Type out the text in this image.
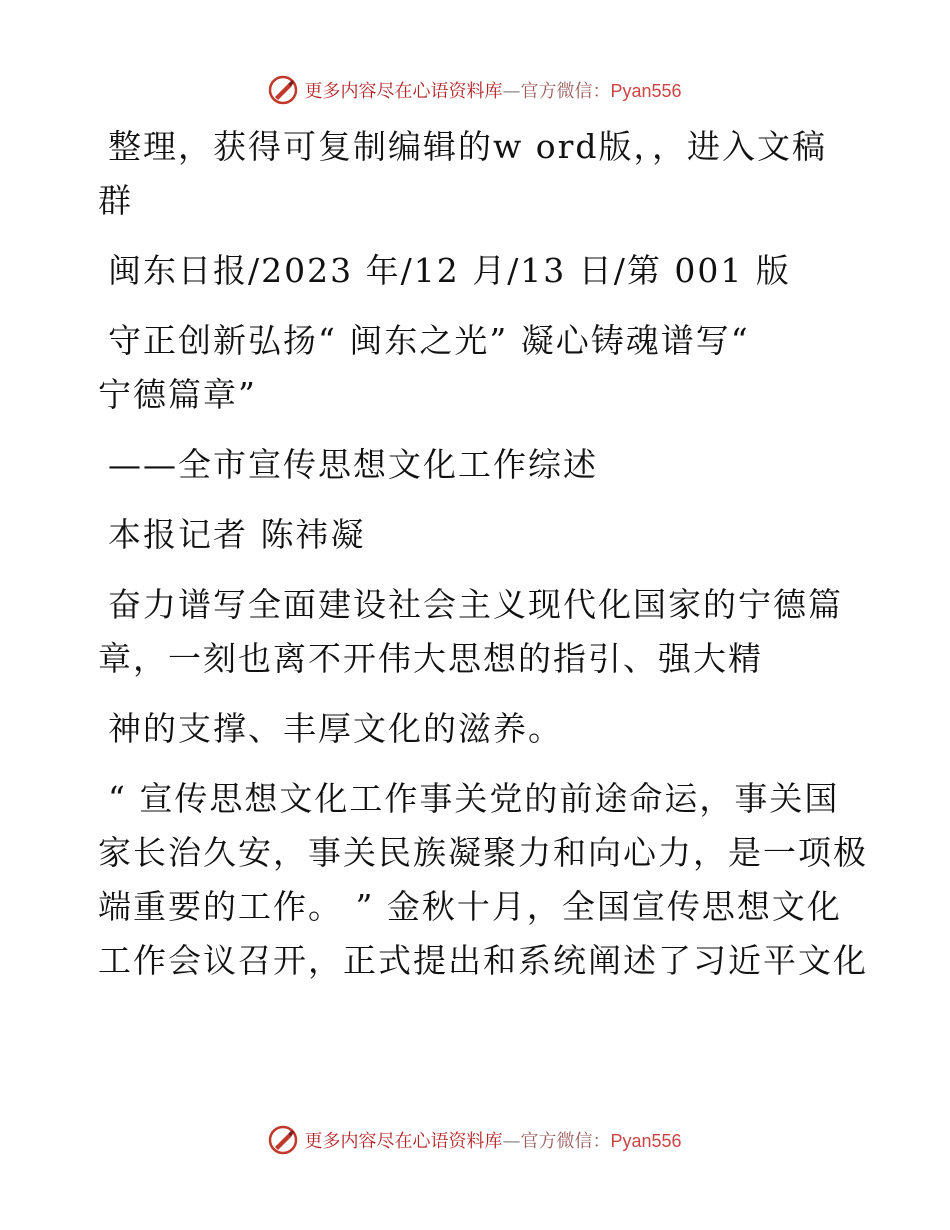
更多内容尽在心语资料库—官方微信：Pyan556
整理，获得可复制编辑的w ord版，，进入文稿
群
闽东日报/2023 年/12 月/13 日/第 001 版
守正创新弘扬“ 闽东之光” 凝心铸魂谱写“
宁德篇章”
——全市宣传思想文化工作综述
本报记者 陈祎凝
奋力谱写全面建设社会主义现代化国家的宁德篇
章，一刻也离不开伟大思想的指引、强大精
神的支撑、丰厚文化的滋养。
“ 宣传思想文化工作事关党的前途命运，事关国
家长治久安，事关民族凝聚力和向心力，是一项极
端重要的工作。 ” 金秋十月，全国宣传思想文化
工作会议召开，正式提出和系统阐述了习近平文化
更多内容尽在心语资料库—官方微信：Pyan556
